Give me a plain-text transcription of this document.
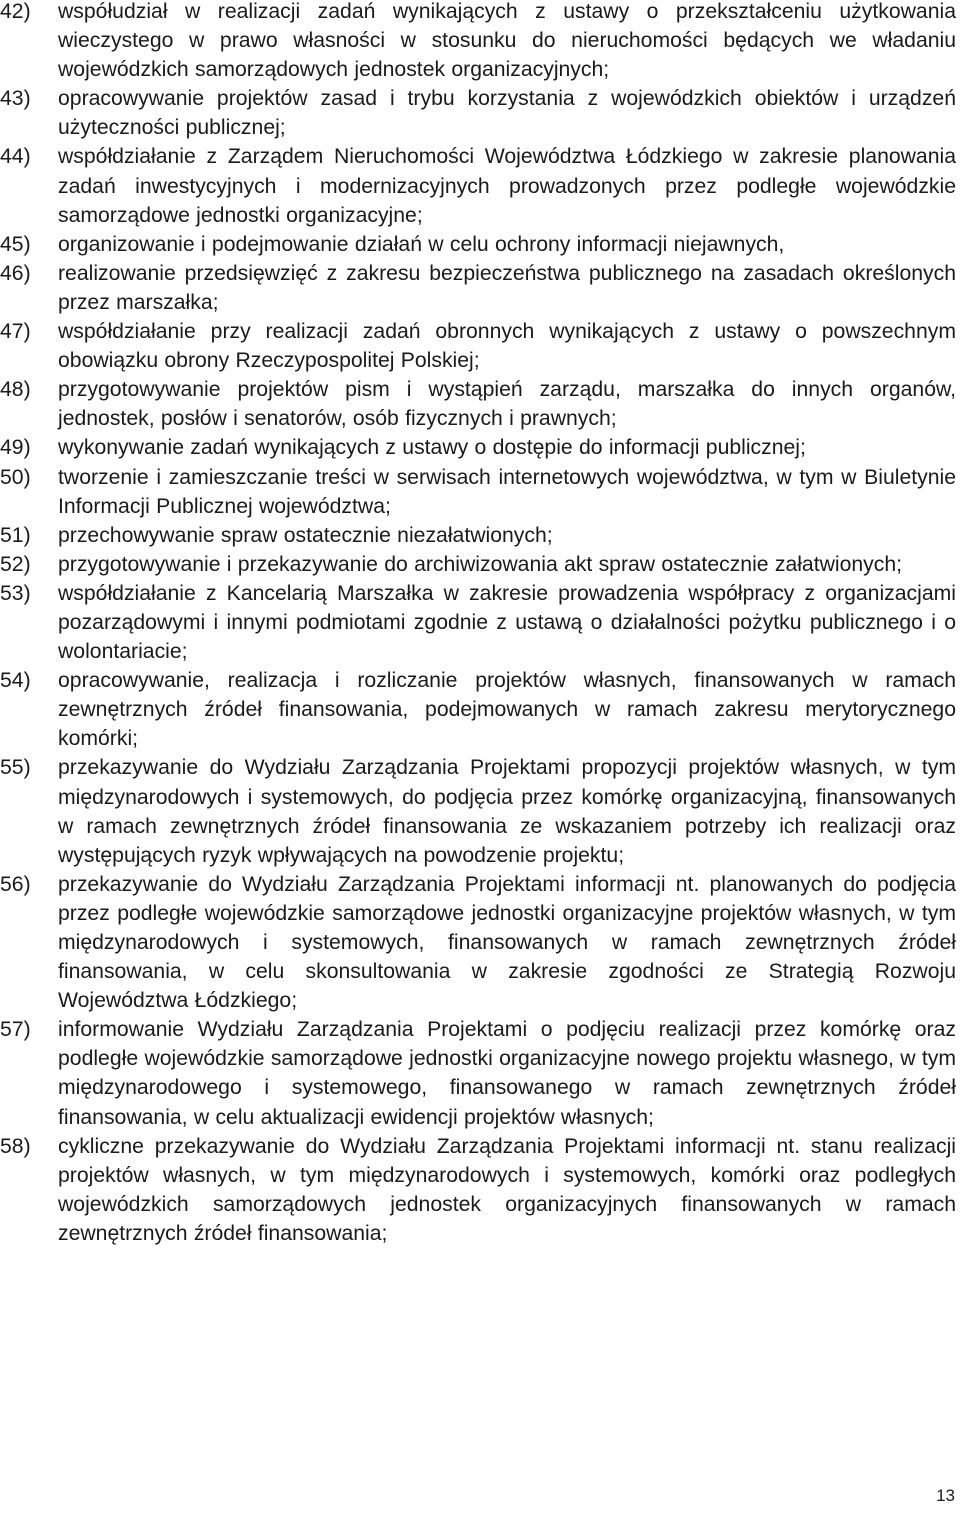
42)	współudział w realizacji zadań wynikających z ustawy o przekształceniu użytkowania wieczystego w prawo własności w stosunku do nieruchomości będących we władaniu wojewódzkich samorządowych jednostek organizacyjnych;
43)	opracowywanie projektów zasad i trybu korzystania z wojewódzkich obiektów i urządzeń użyteczności publicznej;
44)	współdziałanie z Zarządem Nieruchomości Województwa Łódzkiego w zakresie planowania zadań inwestycyjnych i modernizacyjnych prowadzonych przez podległe wojewódzkie samorządowe jednostki organizacyjne;
45)	organizowanie i podejmowanie działań w celu ochrony informacji niejawnych,
46)	realizowanie przedsięwzięć z zakresu bezpieczeństwa publicznego na zasadach określonych przez marszałka;
47)	współdziałanie przy realizacji zadań obronnych wynikających z ustawy o powszechnym obowiązku obrony Rzeczypospolitej Polskiej;
48)	przygotowywanie projektów pism i wystąpień zarządu, marszałka do innych organów, jednostek, posłów i senatorów, osób fizycznych i prawnych;
49)	wykonywanie zadań wynikających z ustawy o dostępie do informacji publicznej;
50)	tworzenie i zamieszczanie treści w serwisach internetowych województwa, w tym w Biuletynie Informacji Publicznej województwa;
51)	przechowywanie spraw ostatecznie niezałatwionych;
52)	przygotowywanie i przekazywanie do archiwizowania akt spraw ostatecznie załatwionych;
53)	współdziałanie z Kancelarią Marszałka w zakresie prowadzenia współpracy z organizacjami pozarządowymi i innymi podmiotami zgodnie z ustawą o działalności pożytku publicznego i o wolontariacie;
54)	opracowywanie, realizacja i rozliczanie projektów własnych, finansowanych w ramach zewnętrznych źródeł finansowania, podejmowanych w ramach zakresu merytorycznego komórki;
55)	przekazywanie do Wydziału Zarządzania Projektami propozycji projektów własnych, w tym międzynarodowych i systemowych, do podjęcia przez komórkę organizacyjną, finansowanych w ramach zewnętrznych źródeł finansowania ze wskazaniem potrzeby ich realizacji oraz występujących ryzyk wpływających na powodzenie projektu;
56)	przekazywanie do Wydziału Zarządzania Projektami informacji nt. planowanych do podjęcia przez podległe wojewódzkie samorządowe jednostki organizacyjne projektów własnych, w tym międzynarodowych i systemowych, finansowanych w ramach zewnętrznych źródeł finansowania, w celu skonsultowania w zakresie zgodności ze Strategią Rozwoju Województwa Łódzkiego;
57)	informowanie Wydziału Zarządzania Projektami o podjęciu realizacji przez komórkę oraz podległe wojewódzkie samorządowe jednostki organizacyjne nowego projektu własnego, w tym międzynarodowego i systemowego, finansowanego w ramach zewnętrznych źródeł finansowania, w celu aktualizacji ewidencji projektów własnych;
58)	cykliczne przekazywanie do Wydziału Zarządzania Projektami informacji nt. stanu realizacji projektów własnych, w tym międzynarodowych i systemowych, komórki oraz podległych wojewódzkich samorządowych jednostek organizacyjnych finansowanych w ramach zewnętrznych źródeł finansowania;
13
